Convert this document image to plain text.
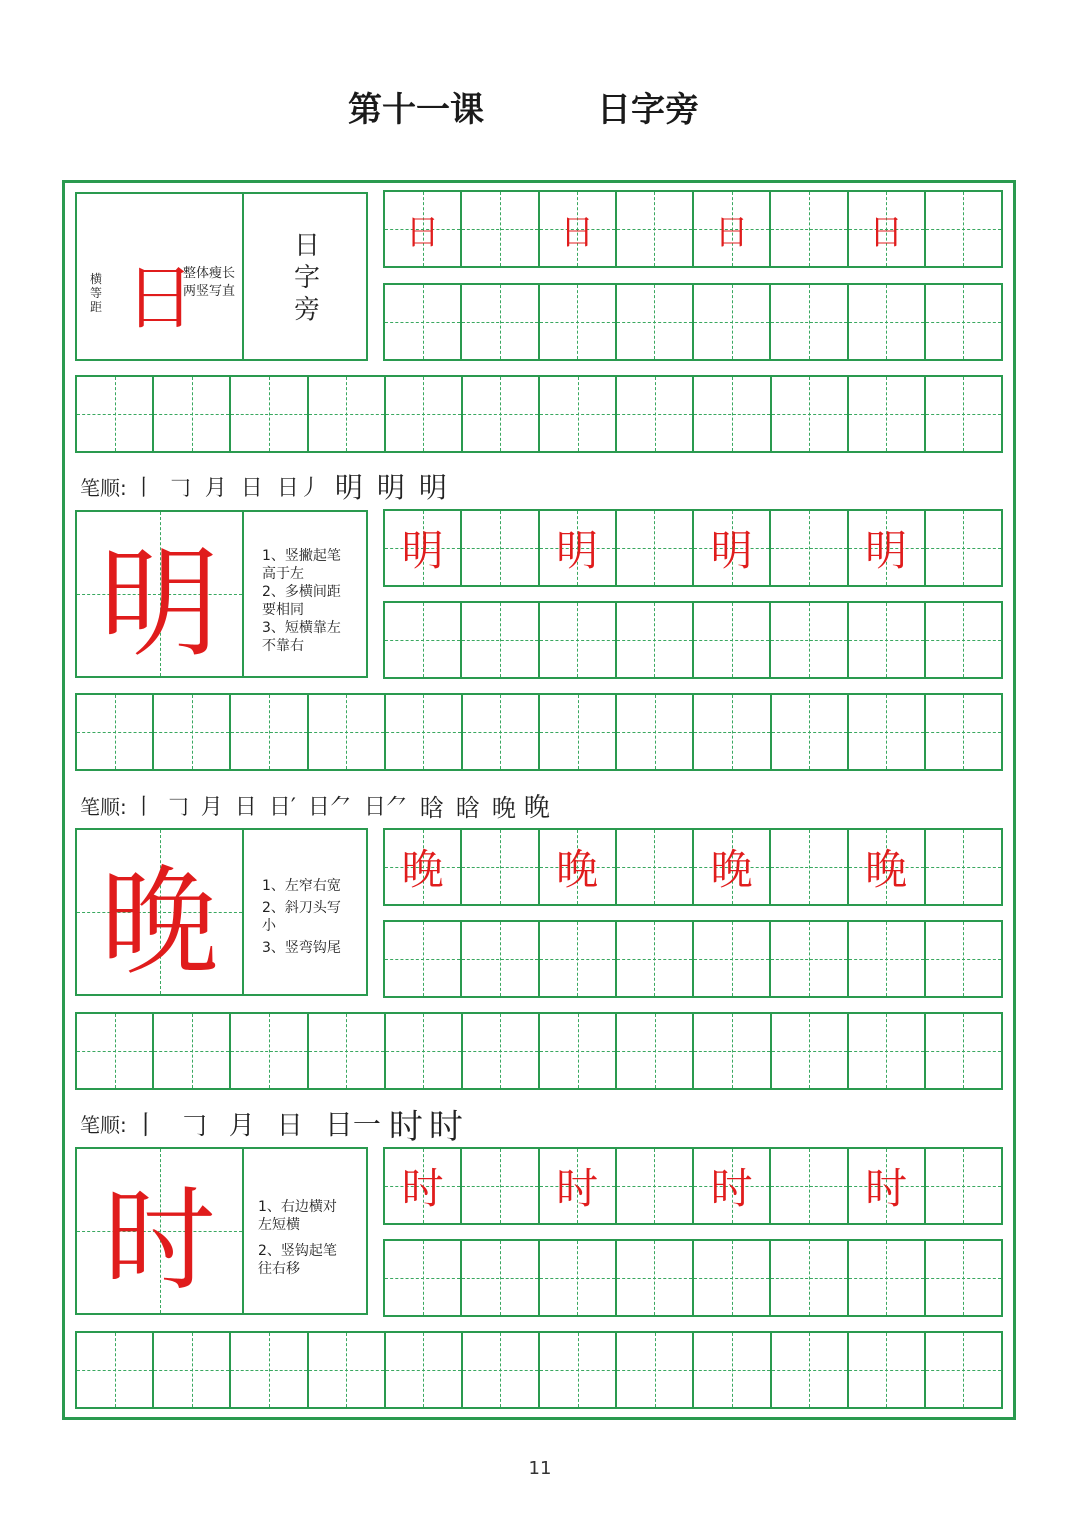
第十一课	日字旁
横
等
距 日
整体瘦长
两竖写直
日
字
旁
日	日	日	日
笔顺: 丨 𠃌 月 日 日丿 明 明 明
明	1、竖撇起笔
高于左
2、多横间距
要相同
3、短横靠左
不靠右
明	明	明	明
笔顺: 丨 𠃌 月 日 日′ 日⺈ 日⺈ 晗 晗 晚 晚
晚	1、左窄右宽
2、斜刀头写
小
3、竖弯钩尾
晚	晚	晚	晚
笔顺: 丨 𠃌 月 日 日一 时 时
时	1、右边横对
左短横
2、竖钩起笔
往右移
时	时	时	时
11
